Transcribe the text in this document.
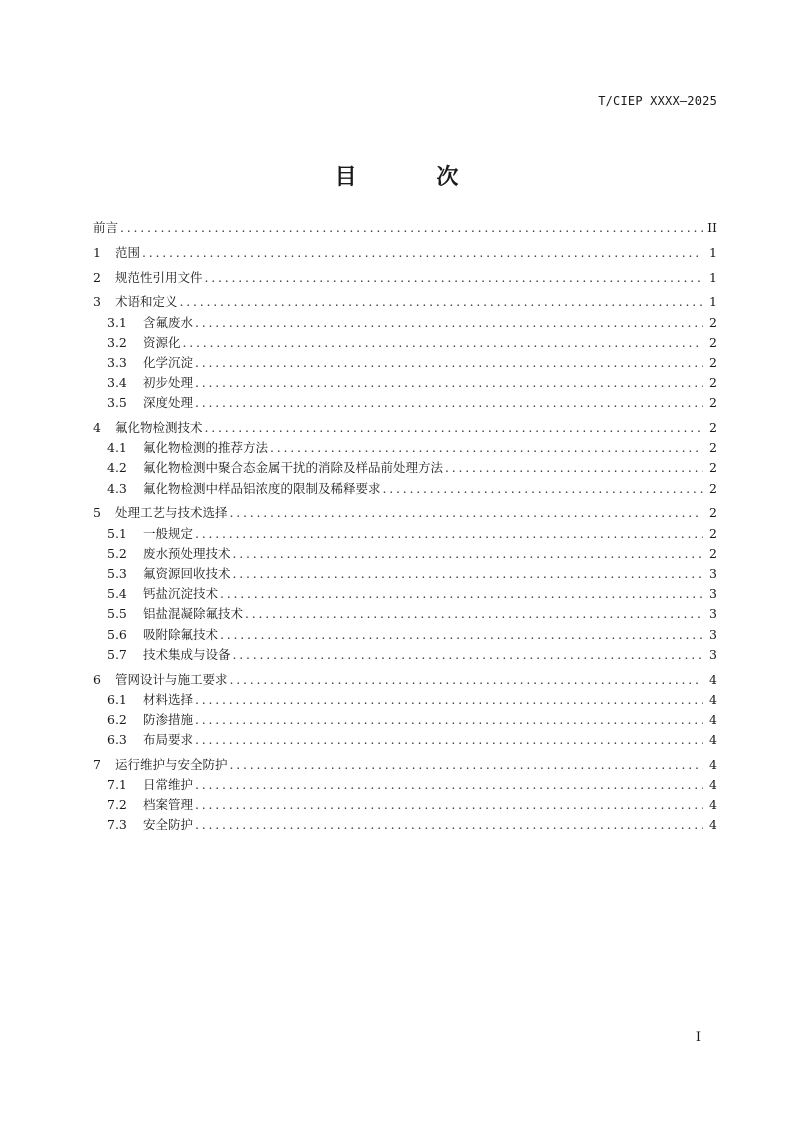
T/CIEP XXXX—2025
目 次
前言 . . .	II
1	范围 . . .	1
2	规范性引用文件 . . .	1
3	术语和定义 . . .	1
3.1	含氟废水 . . .	2
3.2	资源化 . . .	2
3.3	化学沉淀 . . .	2
3.4	初步处理 . . .	2
3.5	深度处理 . . .	2
4	氟化物检测技术 . . .	2
4.1	氟化物检测的推荐方法 . . .	2
4.2	氟化物检测中聚合态金属干扰的消除及样品前处理方法 . . .	2
4.3	氟化物检测中样品铝浓度的限制及稀释要求 . . .	2
5	处理工艺与技术选择 . . .	2
5.1	一般规定 . . .	2
5.2	废水预处理技术 . . .	2
5.3	氟资源回收技术 . . .	3
5.4	钙盐沉淀技术 . . .	3
5.5	铝盐混凝除氟技术 . . .	3
5.6	吸附除氟技术 . . .	3
5.7	技术集成与设备 . . .	3
6	管网设计与施工要求 . . .	4
6.1	材料选择 . . .	4
6.2	防渗措施 . . .	4
6.3	布局要求 . . .	4
7	运行维护与安全防护 . . .	4
7.1	日常维护 . . .	4
7.2	档案管理 . . .	4
7.3	安全防护 . . .	4
I
